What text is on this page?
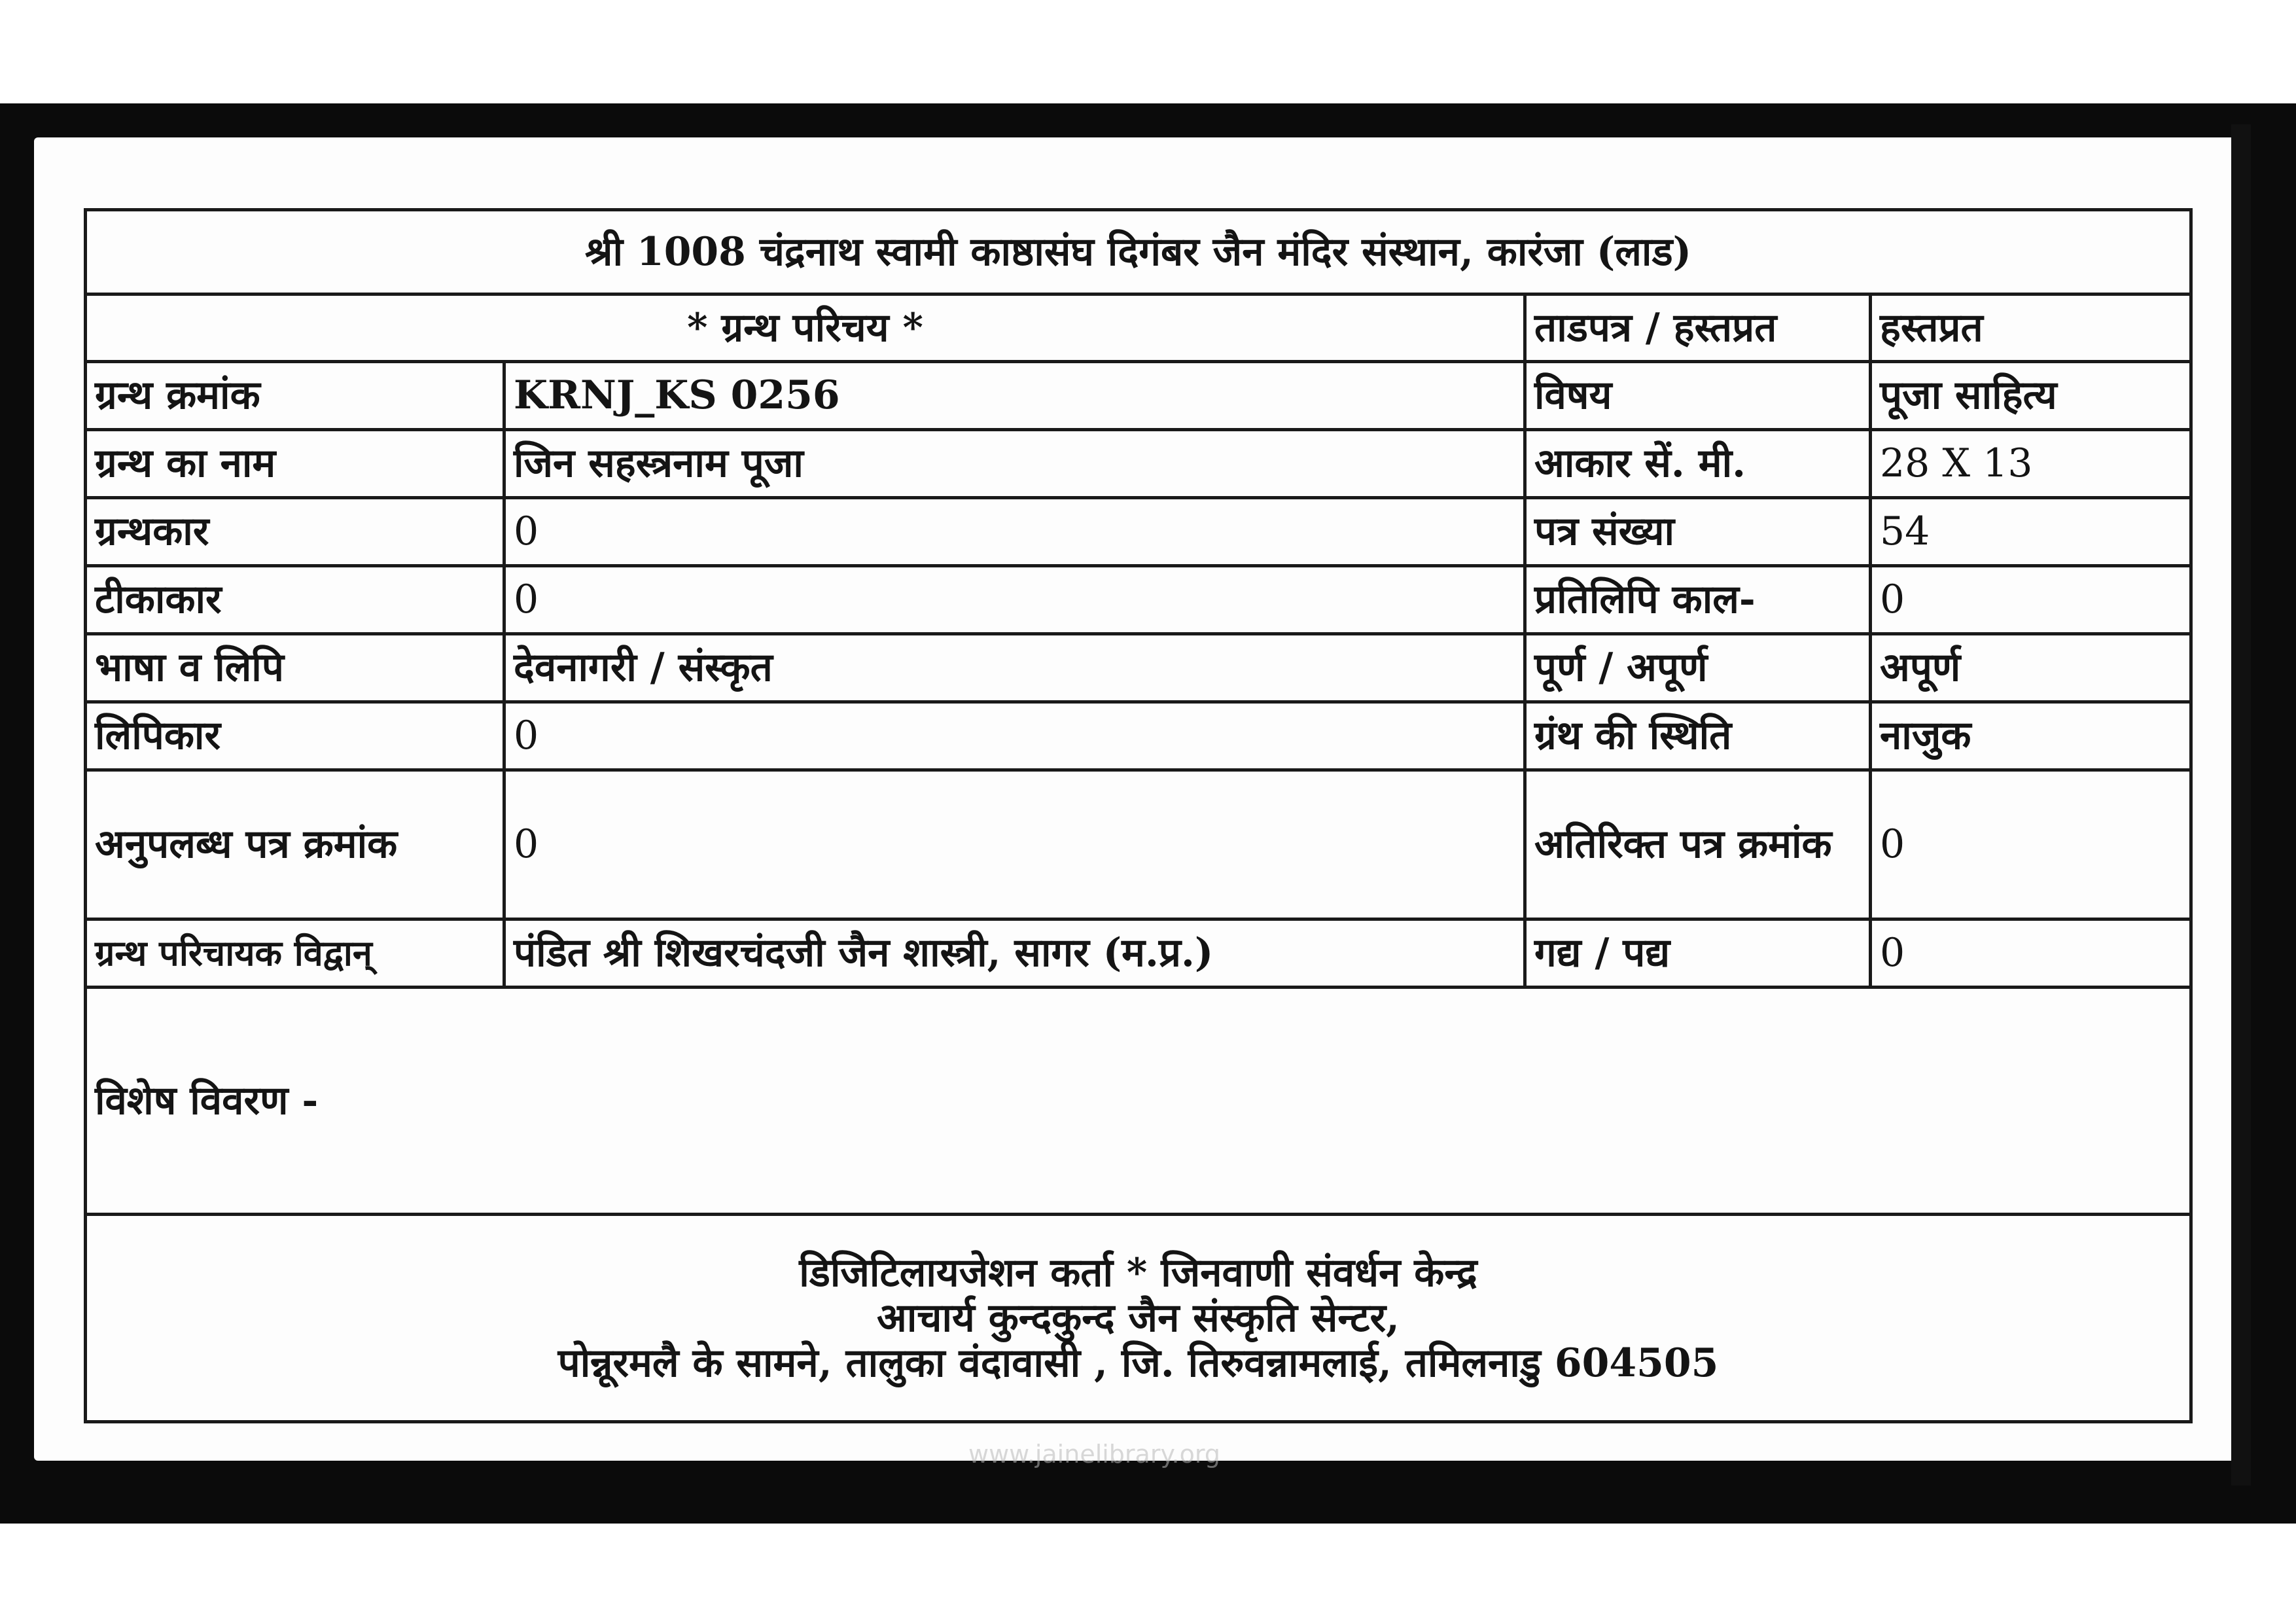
श्री 1008 चंद्रनाथ स्वामी काष्ठासंघ दिगंबर जैन मंदिर संस्थान, कारंजा (लाड)			
* ग्रन्थ परिचय *		ताडपत्र / हस्तप्रत	हस्तप्रत
ग्रन्थ क्रमांक	KRNJ_KS 0256	विषय	पूजा साहित्य
ग्रन्थ का नाम	जिन सहस्त्रनाम पूजा	आकार सें. मी.	28 X 13
ग्रन्थकार	0	पत्र संख्या	54
टीकाकार	0	प्रतिलिपि काल-	0
भाषा व लिपि	देवनागरी / संस्कृत	पूर्ण / अपूर्ण	अपूर्ण
लिपिकार	0	ग्रंथ की स्थिति	नाजुक
अनुपलब्ध पत्र क्रमांक	0	अतिरिक्त पत्र क्रमांक	0
ग्रन्थ परिचायक विद्वान्	पंडित श्री शिखरचंदजी जैन शास्त्री, सागर (म.प्र.)	गद्य / पद्य	0
विशेष विवरण -			

डिजिटिलायजेशन कर्ता * जिनवाणी संवर्धन केन्द्र
आचार्य कुन्दकुन्द जैन संस्कृति सेन्टर,
पोन्नूरमलै के सामने, तालुका वंदावासी , जि. तिरुवन्नामलाई, तमिलनाडु 604505			
www.jainelibrary.org
